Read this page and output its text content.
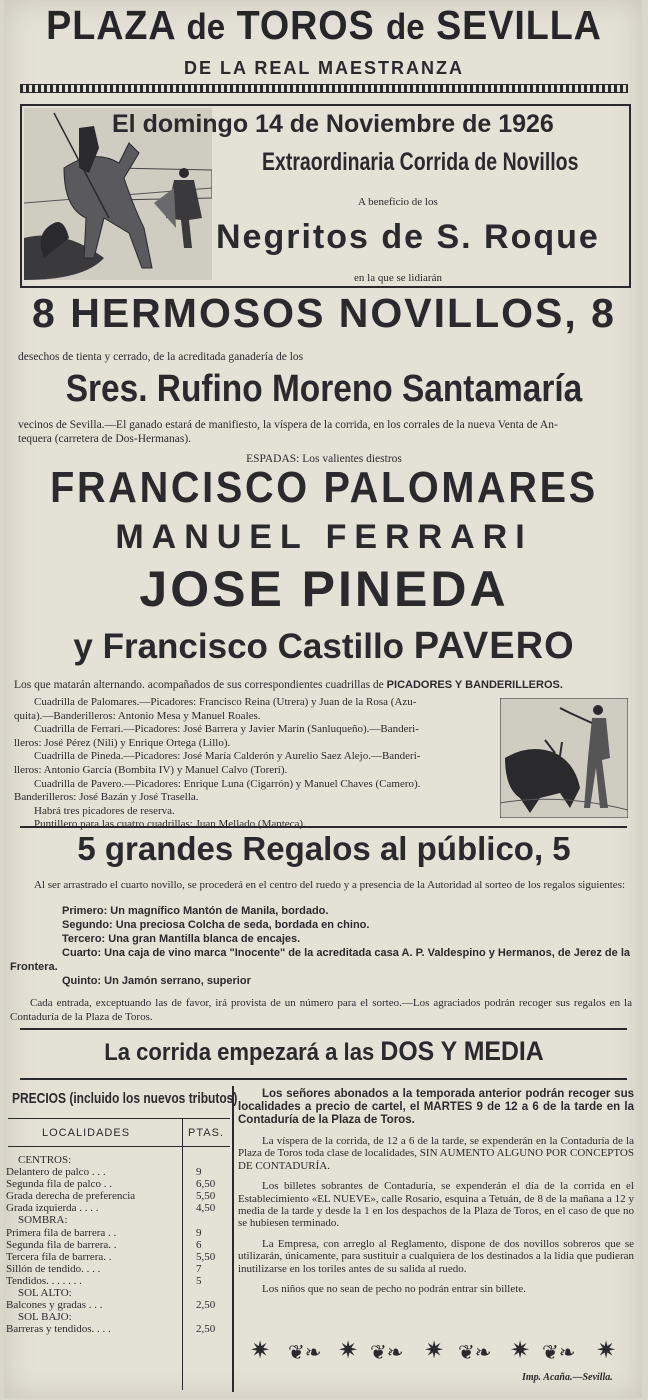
PLAZA de TOROS de SEVILLA
DE LA REAL MAESTRANZA
El domingo 14 de Noviembre de 1926
Extraordinaria Corrida de Novillos
A beneficio de los
Negritos de S. Roque
en la que se lidiarán
8 HERMOSOS NOVILLOS, 8
desechos de tienta y cerrado, de la acreditada ganadería de los
Sres. Rufino Moreno Santamaría
vecinos de Sevilla.—El ganado estará de manifiesto, la víspera de la corrida, en los corrales de la nueva Venta de An-
tequera (carretera de Dos-Hermanas).
ESPADAS: Los valientes diestros
FRANCISCO PALOMARES
MANUEL FERRARI
JOSE PINEDA
y Francisco Castillo PAVERO
Los que matarán alternando. acompañados de sus correspondientes cuadrillas de PICADORES Y BANDERILLEROS.
Cuadrilla de Palomares.—Picadores: Francisco Reina (Utrera) y Juan de la Rosa (Azu-
quita).—Banderilleros: Antonio Mesa y Manuel Roales.
Cuadrilla de Ferrari.—Picadores: José Barrera y Javier Marín (Sanluqueño).—Banderi-
lleros: José Pérez (Nili) y Enrique Ortega (Lillo).
Cuadrilla de Pineda.—Picadores: José María Calderón y Aurelio Saez Alejo.—Banderi-
lleros: Antonio García (Bombita IV) y Manuel Calvo (Torerí).
Cuadrilla de Pavero.—Picadores: Enrique Luna (Cigarrón) y Manuel Chaves (Camero).
Banderilleros: José Bazán y José Trasella.
Habrá tres picadores de reserva.
Puntillero para las cuatro cuadrillas: Juan Mellado (Manteca).
5 grandes Regalos al público, 5
Al ser arrastrado el cuarto novillo, se procederá en el centro del ruedo y a presencia de la Autoridad al sorteo de los regalos siguientes:
Primero: Un magnífico Mantón de Manila, bordado.
Segundo: Una preciosa Colcha de seda, bordada en chino.
Tercero: Una gran Mantilla blanca de encajes.
Cuarto: Una caja de vino marca "Inocente" de la acreditada casa A. P. Valdespino y Hermanos, de Jerez de la Frontera.
Quinto: Un Jamón serrano, superior
Cada entrada, exceptuando las de favor, irá provista de un número para el sorteo.—Los agraciados podrán recoger sus regalos en la Contaduría de la Plaza de Toros.
La corrida empezará a las DOS Y MEDIA
PRECIOS (incluido los nuevos tributos)
LOCALIDADES	PTAS.
CENTROS:
Delantero de palco . . .	9
Segunda fila de palco . .	6,50
Grada derecha de preferencia	5,50
Grada izquierda . . . .	4,50
SOMBRA:
Primera fila de barrera . .	9
Segunda fila de barrera. .	6
Tercera fila de barrera. .	5,50
Sillón de tendido. . . .	7
Tendidos. . . . . . .	5
SOL ALTO:
Balcones y gradas . . .	2,50
SOL BAJO:
Barreras y tendidos. . . .	2,50

Los señores abonados a la temporada anterior podrán recoger sus localidades a precio de cartel, el MARTES 9 de 12 a 6 de la tarde en la Contaduría de la Plaza de Toros.

La víspera de la corrida, de 12 a 6 de la tarde, se expenderán en la Contaduría de la Plaza de Toros toda clase de localidades, SIN AUMENTO ALGUNO POR CONCEPTOS DE CONTADURÍA.

Los billetes sobrantes de Contaduría, se expenderán el día de la corrida en el Establecimiento «EL NUEVE», calle Rosario, esquina a Tetuán, de 8 de la mañana a 12 y media de la tarde y desde la 1 en los despachos de la Plaza de Toros, en el caso de que no se hubiesen terminado.

La Empresa, con arreglo al Reglamento, dispone de dos novillos sobreros que se utilizarán, únicamente, para sustituir a cualquiera de los destinados a la lidia que pudieran inutilizarse en los toriles antes de su salida al ruedo.

Los niños que no sean de pecho no podrán entrar sin billete.

✷ ❦❧ ✷ ❦❧ ✷ ❦❧ ✷ ❦❧ ✷
Imp. Acaña.—Sevilla.
